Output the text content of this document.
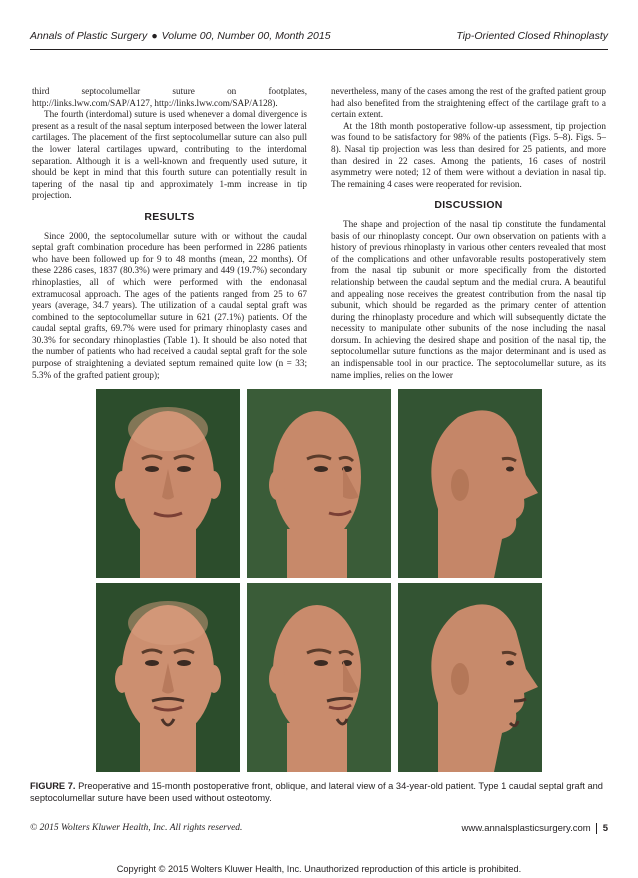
Annals of Plastic Surgery ● Volume 00, Number 00, Month 2015	Tip-Oriented Closed Rhinoplasty

third septocolumellar suture on footplates, http://links.lww.com/SAP/A127, http://links.lww.com/SAP/A128).

The fourth (interdomal) suture is used whenever a domal divergence is present as a result of the nasal septum interposed between the lower lateral cartilages. The placement of the first septocolumellar suture can also pull the lower lateral cartilages upward, contributing to the interdomal separation. Although it is a well-known and frequently used suture, it should be kept in mind that this fourth suture can potentially result in tapering of the nasal tip and approximately 1-mm increase in tip projection.

RESULTS

Since 2000, the septocolumellar suture with or without the caudal septal graft combination procedure has been performed in 2286 patients who have been followed up for 9 to 48 months (mean, 22 months). Of these 2286 cases, 1837 (80.3%) were primary and 449 (19.7%) secondary rhinoplasties, all of which were performed with the endonasal extramucosal approach. The ages of the patients ranged from 25 to 67 years (average, 34.7 years). The utilization of a caudal septal graft was combined to the septocolumellar suture in 621 (27.1%) patients. Of the caudal septal grafts, 69.7% were used for primary rhinoplasty cases and 30.3% for secondary rhinoplasties (Table 1). It should be also noted that the number of patients who had received a caudal septal graft for the sole purpose of straightening a deviated septum remained quite low (n = 33; 5.3% of the grafted patient group);

nevertheless, many of the cases among the rest of the grafted patient group had also benefited from the straightening effect of the cartilage graft to a certain extent.

At the 18th month postoperative follow-up assessment, tip projection was found to be satisfactory for 98% of the patients (Figs. 5–8). Figs. 5–8). Nasal tip projection was less than desired for 25 patients, and more than desired in 22 cases. Among the patients, 16 cases of nostril asymmetry were noted; 12 of them were without a deviation in nasal tip. The remaining 4 cases were reoperated for revision.

DISCUSSION

The shape and projection of the nasal tip constitute the fundamental basis of our rhinoplasty concept. Our own observation on patients with a history of previous rhinoplasty in various other centers revealed that most of the complications and other unfavorable results postoperatively stem from the nasal tip subunit or more specifically from the distorted relationship between the caudal septum and the medial crura. A beautiful and appealing nose receives the greatest contribution from the nasal tip subunit, which should be regarded as the primary center of attention during the rhinoplasty procedure and which will subsequently dictate the necessity to manipulate other subunits of the nose including the nasal dorsum. In achieving the desired shape and position of the nasal tip, the septocolumellar suture functions as the major determinant and is used as an indispensable tool in our practice. The septocolumellar suture, as its name implies, relies on the lower

FIGURE 7. Preoperative and 15-month postoperative front, oblique, and lateral view of a 34-year-old patient. Type 1 caudal septal graft and septocolumellar suture have been used without osteotomy.
© 2015 Wolters Kluwer Health, Inc. All rights reserved.	www.annalsplasticsurgery.com 5
Copyright © 2015 Wolters Kluwer Health, Inc. Unauthorized reproduction of this article is prohibited.
